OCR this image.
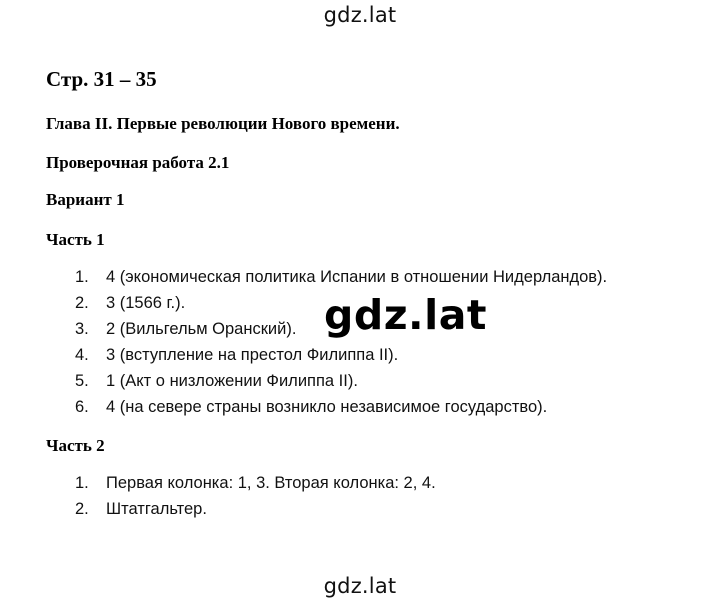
gdz.lat
Стр. 31 – 35
Глава II. Первые революции Нового времени.
Проверочная работа 2.1
Вариант 1
Часть 1
1. 4 (экономическая политика Испании в отношении Нидерландов).
2. 3 (1566 г.).
3. 2 (Вильгельм Оранский).
4. 3 (вступление на престол Филиппа II).
5. 1 (Акт о низложении Филиппа II).
6. 4 (на севере страны возникло независимое государство).
Часть 2
1. Первая колонка: 1, 3. Вторая колонка: 2, 4.
2. Штатгальтер.
gdz.lat
gdz.lat
